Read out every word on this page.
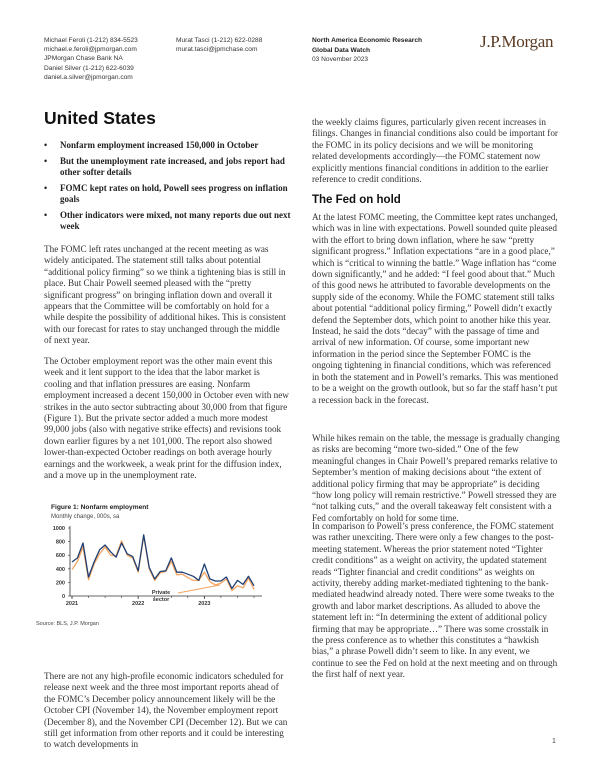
Michael Feroli (1-212) 834-5523
michael.e.feroli@jpmorgan.com
JPMorgan Chase Bank NA
Daniel Silver (1-212) 622-6039
daniel.a.silver@jpmorgan.com
Murat Tasci (1-212) 622-0288
murat.tasci@jpmchase.com
North America Economic Research
Global Data Watch
03 November 2023
J.P.Morgan
United States
• Nonfarm employment increased 150,000 in October
• But the unemployment rate increased, and jobs report had other softer details
• FOMC kept rates on hold, Powell sees progress on inflation goals
• Other indicators were mixed, not many reports due out next week

The FOMC left rates unchanged at the recent meeting as was widely anticipated. The statement still talks about potential “additional policy firming” so we think a tightening bias is still in place. But Chair Powell seemed pleased with the “pretty significant progress” on bringing inflation down and overall it appears that the Committee will be comfortably on hold for a while despite the possibility of additional hikes. This is consistent with our forecast for rates to stay unchanged through the middle of next year.

The October employment report was the other main event this week and it lent support to the idea that the labor market is cooling and that inflation pressures are easing. Nonfarm employment increased a decent 150,000 in October even with new strikes in the auto sector subtracting about 30,000 from that figure (Figure 1). But the private sector added a much more modest 99,000 jobs (also with negative strike effects) and revisions took down earlier figures by a net 101,000. The report also showed lower-than-expected October readings on both average hourly earnings and the workweek, a weak print for the diffusion index, and a move up in the unemployment rate.

Figure 1: Nonfarm employment
Monthly change, 000s, sa
0
200
400
600
800
1000
2021	2022	2023
Private
sector
Source: BLS, J.P. Morgan

There are not any high-profile economic indicators scheduled for release next week and the three most important reports ahead of the FOMC’s December policy announcement likely will be the October CPI (November 14), the November employment report (December 8), and the November CPI (December 12). But we can still get information from other reports and it could be interesting to watch developments in

the weekly claims figures, particularly given recent increases in filings. Changes in financial conditions also could be important for the FOMC in its policy decisions and we will be monitoring related developments accordingly—the FOMC statement now explicitly mentions financial conditions in addition to the earlier reference to credit conditions.

The Fed on hold

At the latest FOMC meeting, the Committee kept rates unchanged, which was in line with expectations. Powell sounded quite pleased with the effort to bring down inflation, where he saw “pretty significant progress.” Inflation expectations “are in a good place,” which is “critical to winning the battle.” Wage inflation has “come down significantly,” and he added: “I feel good about that.” Much of this good news he attributed to favorable developments on the supply side of the economy. While the FOMC statement still talks about potential “additional policy firming,” Powell didn’t exactly defend the September dots, which point to another hike this year. Instead, he said the dots “decay” with the passage of time and arrival of new information. Of course, some important new information in the period since the September FOMC is the ongoing tightening in financial conditions, which was referenced in both the statement and in Powell’s remarks. This was mentioned to be a weight on the growth outlook, but so far the staff hasn’t put a recession back in the forecast.

While hikes remain on the table, the message is gradually changing as risks are becoming “more two-sided.” One of the few meaningful changes in Chair Powell’s prepared remarks relative to September’s mention of making decisions about “the extent of additional policy firming that may be appropriate” is deciding “how long policy will remain restrictive.” Powell stressed they are “not talking cuts,” and the overall takeaway felt consistent with a Fed comfortably on hold for some time.

In comparison to Powell’s press conference, the FOMC statement was rather unexciting. There were only a few changes to the post-meeting statement. Whereas the prior statement noted “Tighter credit conditions” as a weight on activity, the updated statement reads “Tighter financial and credit conditions” as weights on activity, thereby adding market-mediated tightening to the bank-mediated headwind already noted. There were some tweaks to the growth and labor market descriptions. As alluded to above the statement left in: “In determining the extent of additional policy firming that may be appropriate…” There was some crosstalk in the press conference as to whether this constitutes a “hawkish bias,” a phrase Powell didn’t seem to like. In any event, we continue to see the Fed on hold at the next meeting and on through the first half of next year.

1
